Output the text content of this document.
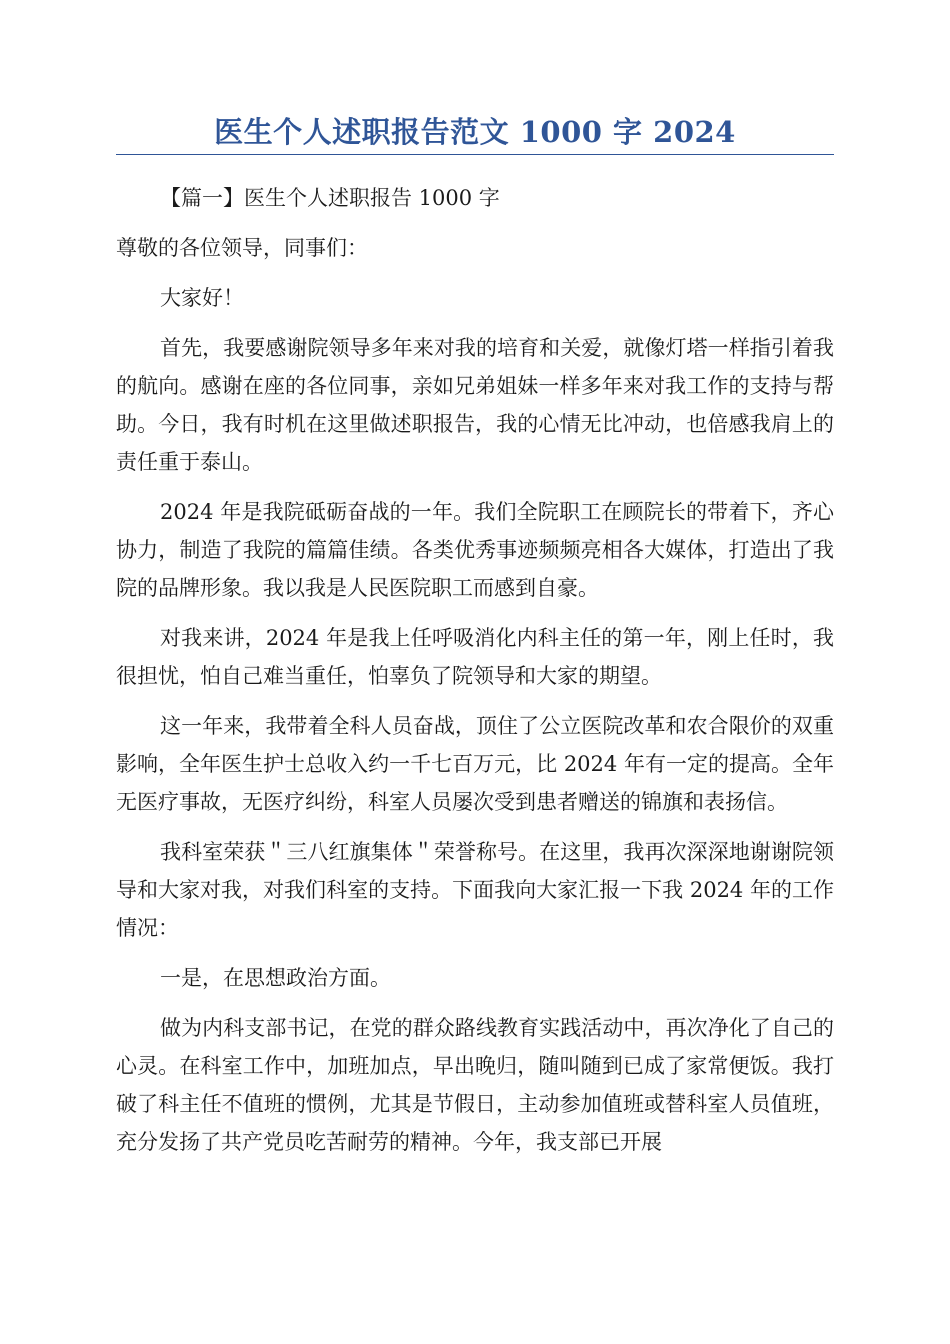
医生个人述职报告范文 1000 字 2024

【篇一】医生个人述职报告 1000 字

尊敬的各位领导，同事们：

大家好！

首先，我要感谢院领导多年来对我的培育和关爱，就像灯塔一样指引着我的航向。感谢在座的各位同事，亲如兄弟姐妹一样多年来对我工作的支持与帮助。今日，我有时机在这里做述职报告，我的心情无比冲动，也倍感我肩上的责任重于泰山。

2024 年是我院砥砺奋战的一年。我们全院职工在顾院长的带着下，齐心协力，制造了我院的篇篇佳绩。各类优秀事迹频频亮相各大媒体，打造出了我院的品牌形象。我以我是人民医院职工而感到自豪。

对我来讲，2024 年是我上任呼吸消化内科主任的第一年，刚上任时，我很担忧，怕自己难当重任，怕辜负了院领导和大家的期望。

这一年来，我带着全科人员奋战，顶住了公立医院改革和农合限价的双重影响，全年医生护士总收入约一千七百万元，比 2024 年有一定的提高。全年无医疗事故，无医疗纠纷，科室人员屡次受到患者赠送的锦旗和表扬信。

我科室荣获＂三八红旗集体＂荣誉称号。在这里，我再次深深地谢谢院领导和大家对我，对我们科室的支持。下面我向大家汇报一下我 2024 年的工作情况：

一是，在思想政治方面。

做为内科支部书记，在党的群众路线教育实践活动中，再次净化了自己的心灵。在科室工作中，加班加点，早出晚归，随叫随到已成了家常便饭。我打破了科主任不值班的惯例，尤其是节假日，主动参加值班或替科室人员值班，充分发扬了共产党员吃苦耐劳的精神。今年，我支部已开展
